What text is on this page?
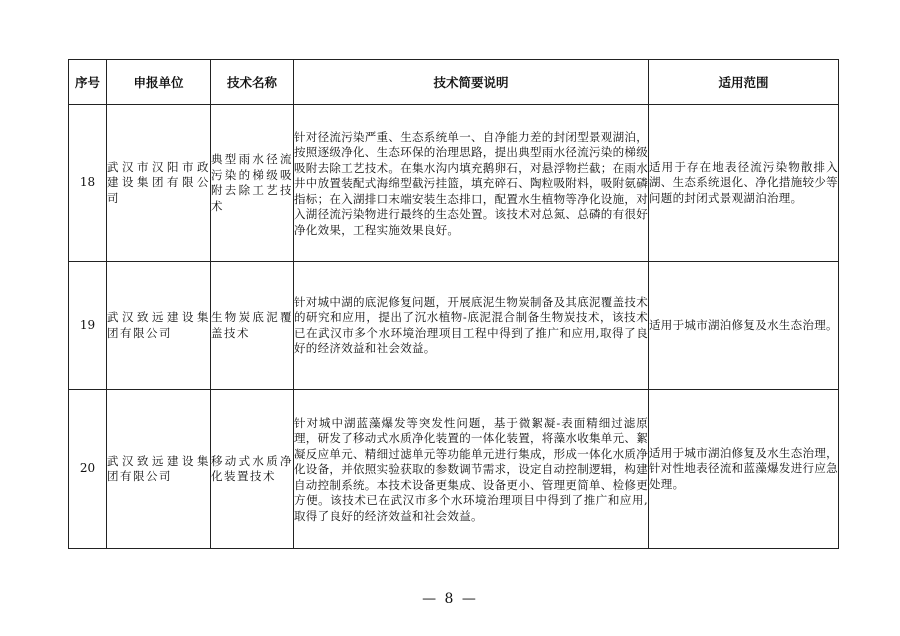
序号	申报单位	技术名称	技术简要说明	适用范围
18	武汉市汉阳市政建设集团有限公司	典型雨水径流污染的梯级吸附去除工艺技术	针对径流污染严重、生态系统单一、自净能力差的封闭型景观湖泊，按照逐级净化、生态环保的治理思路，提出典型雨水径流污染的梯级吸附去除工艺技术。在集水沟内填充鹅卵石，对悬浮物拦截；在雨水井中放置装配式海绵型截污挂篮，填充碎石、陶粒吸附料，吸附氨磷指标；在入湖排口末端安装生态排口，配置水生植物等净化设施，对入湖径流污染物进行最终的生态处置。该技术对总氮、总磷的有很好净化效果，工程实施效果良好。	适用于存在地表径流污染物散排入湖、生态系统退化、净化措施较少等问题的封闭式景观湖泊治理。
19	武汉致远建设集团有限公司	生物炭底泥覆盖技术	针对城中湖的底泥修复问题，开展底泥生物炭制备及其底泥覆盖技术的研究和应用，提出了沉水植物-底泥混合制备生物炭技术，该技术已在武汉市多个水环境治理项目工程中得到了推广和应用,取得了良好的经济效益和社会效益。	适用于城市湖泊修复及水生态治理。
20	武汉致远建设集团有限公司	移动式水质净化装置技术	针对城中湖蓝藻爆发等突发性问题，基于微絮凝-表面精细过滤原理，研发了移动式水质净化装置的一体化装置，将藻水收集单元、絮凝反应单元、精细过滤单元等功能单元进行集成，形成一体化水质净化设备，并依照实验获取的参数调节需求，设定自动控制逻辑，构建自动控制系统。本技术设备更集成、设备更小、管理更简单、检修更方便。该技术已在武汉市多个水环境治理项目中得到了推广和应用,取得了良好的经济效益和社会效益。	适用于城市湖泊修复及水生态治理，针对性地表径流和蓝藻爆发进行应急处理。
— 8 —
